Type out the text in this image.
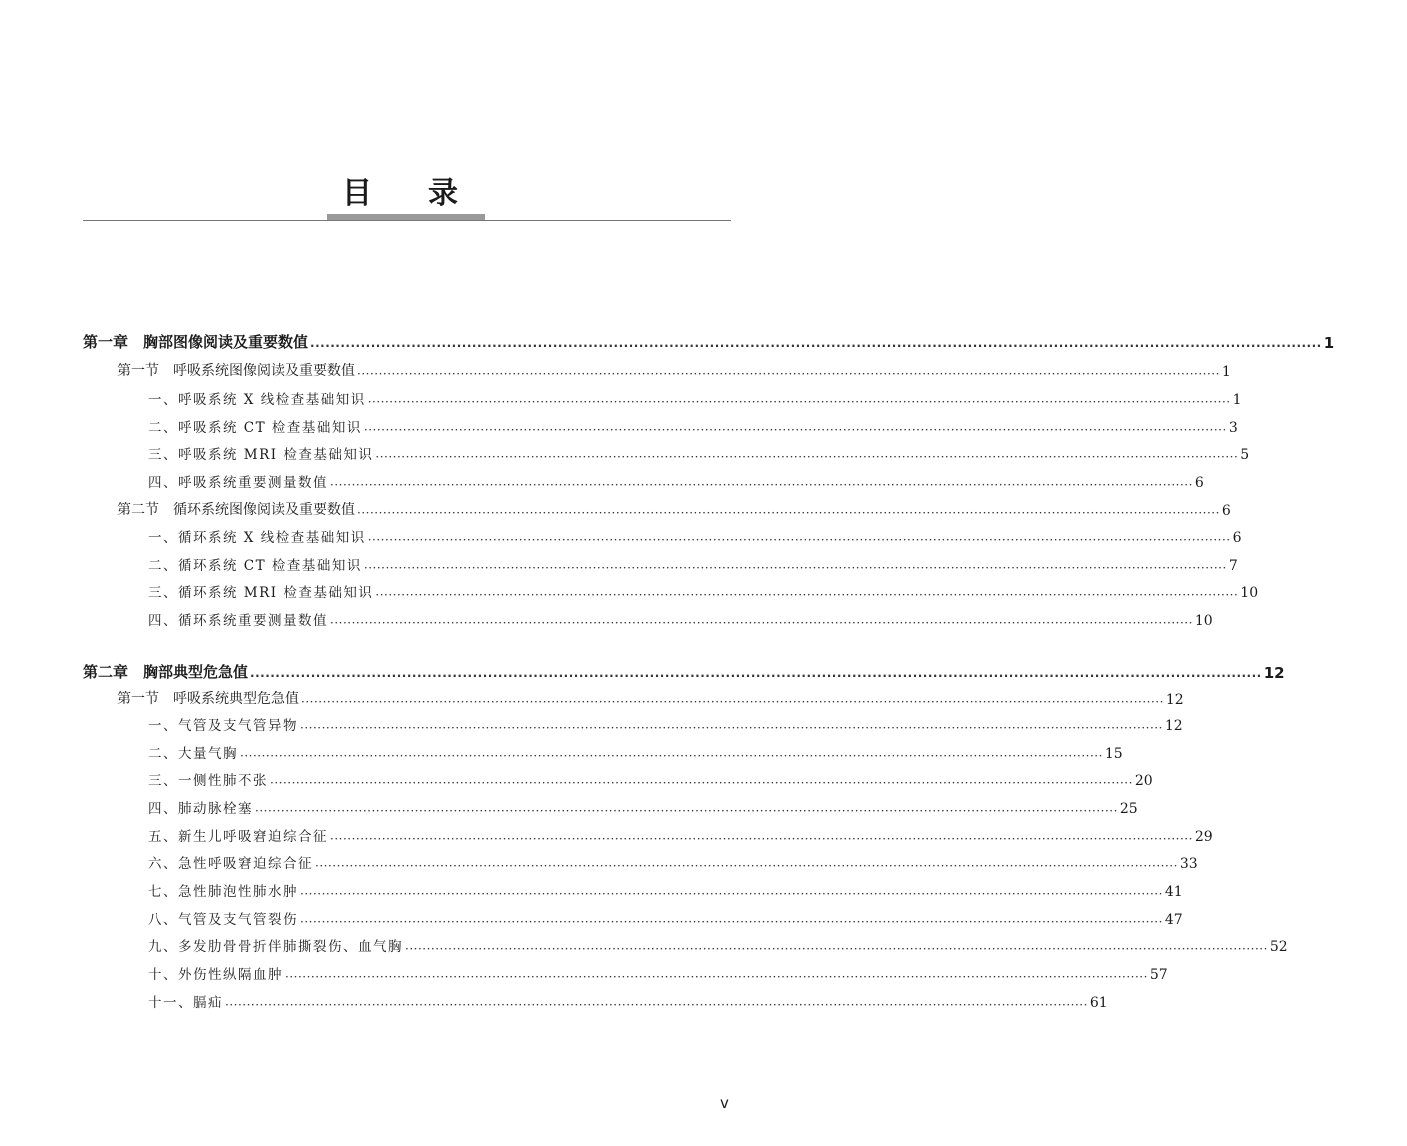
目 录
第一章　胸部图像阅读及重要数值 ········································································································································································································ 1
第一节　呼吸系统图像阅读及重要数值 ········································································································································································································ 1
一、呼吸系统 X 线检查基础知识 ········································································································································································································ 1
二、呼吸系统 CT 检查基础知识 ········································································································································································································ 3
三、呼吸系统 MRI 检查基础知识 ········································································································································································································ 5
四、呼吸系统重要测量数值 ········································································································································································································ 6
第二节　循环系统图像阅读及重要数值 ········································································································································································································ 6
一、循环系统 X 线检查基础知识 ········································································································································································································ 6
二、循环系统 CT 检查基础知识 ········································································································································································································ 7
三、循环系统 MRI 检查基础知识 ········································································································································································································ 10
四、循环系统重要测量数值 ········································································································································································································ 10
第二章　胸部典型危急值 ········································································································································································································ 12
第一节　呼吸系统典型危急值 ········································································································································································································ 12
一、气管及支气管异物 ········································································································································································································ 12
二、大量气胸 ········································································································································································································ 15
三、一侧性肺不张 ········································································································································································································ 20
四、肺动脉栓塞 ········································································································································································································ 25
五、新生儿呼吸窘迫综合征 ········································································································································································································ 29
六、急性呼吸窘迫综合征 ········································································································································································································ 33
七、急性肺泡性肺水肿 ········································································································································································································ 41
八、气管及支气管裂伤 ········································································································································································································ 47
九、多发肋骨骨折伴肺撕裂伤、血气胸 ········································································································································································································ 52
十、外伤性纵隔血肿 ········································································································································································································ 57
十一、膈疝 ········································································································································································································ 61
v
